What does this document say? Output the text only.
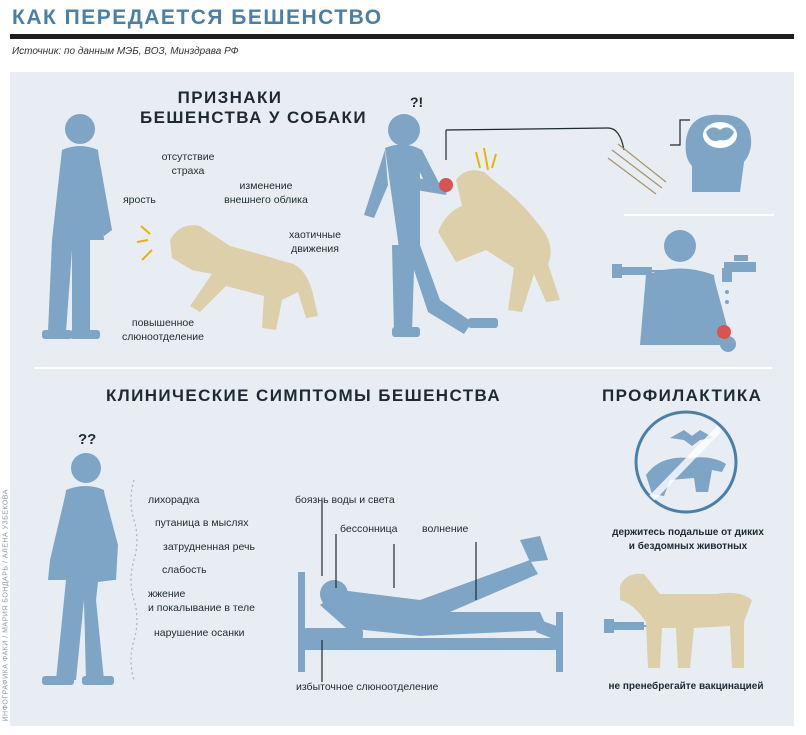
КАК ПЕРЕДАЕТСЯ БЕШЕНСТВО
Источник: по данным МЭБ, ВОЗ, Минздрава РФ
ПРИЗНАКИ
БЕШЕНСТВА У СОБАКИ
отсутствие
страха
ярость
изменение
внешнего облика
хаотичные
движения
повышенное
слюноотделение
?!
КЛИНИЧЕСКИЕ СИМПТОМЫ БЕШЕНСТВА	ПРОФИЛАКТИКА
??
лихорадка
путаница в мыслях
затрудненная речь
слабость
жжение
и покалывание в теле
нарушение осанки
боязнь воды и света
бессонница волнение
избыточное слюноотделение
держитесь подальше от диких
и бездомных животных
не пренебрегайте вакцинацией
ИНФОГРАФИКА ФАКИ / МАРИЯ БОНДАРЬ / АЛЕНА УЗБЕКОВА
